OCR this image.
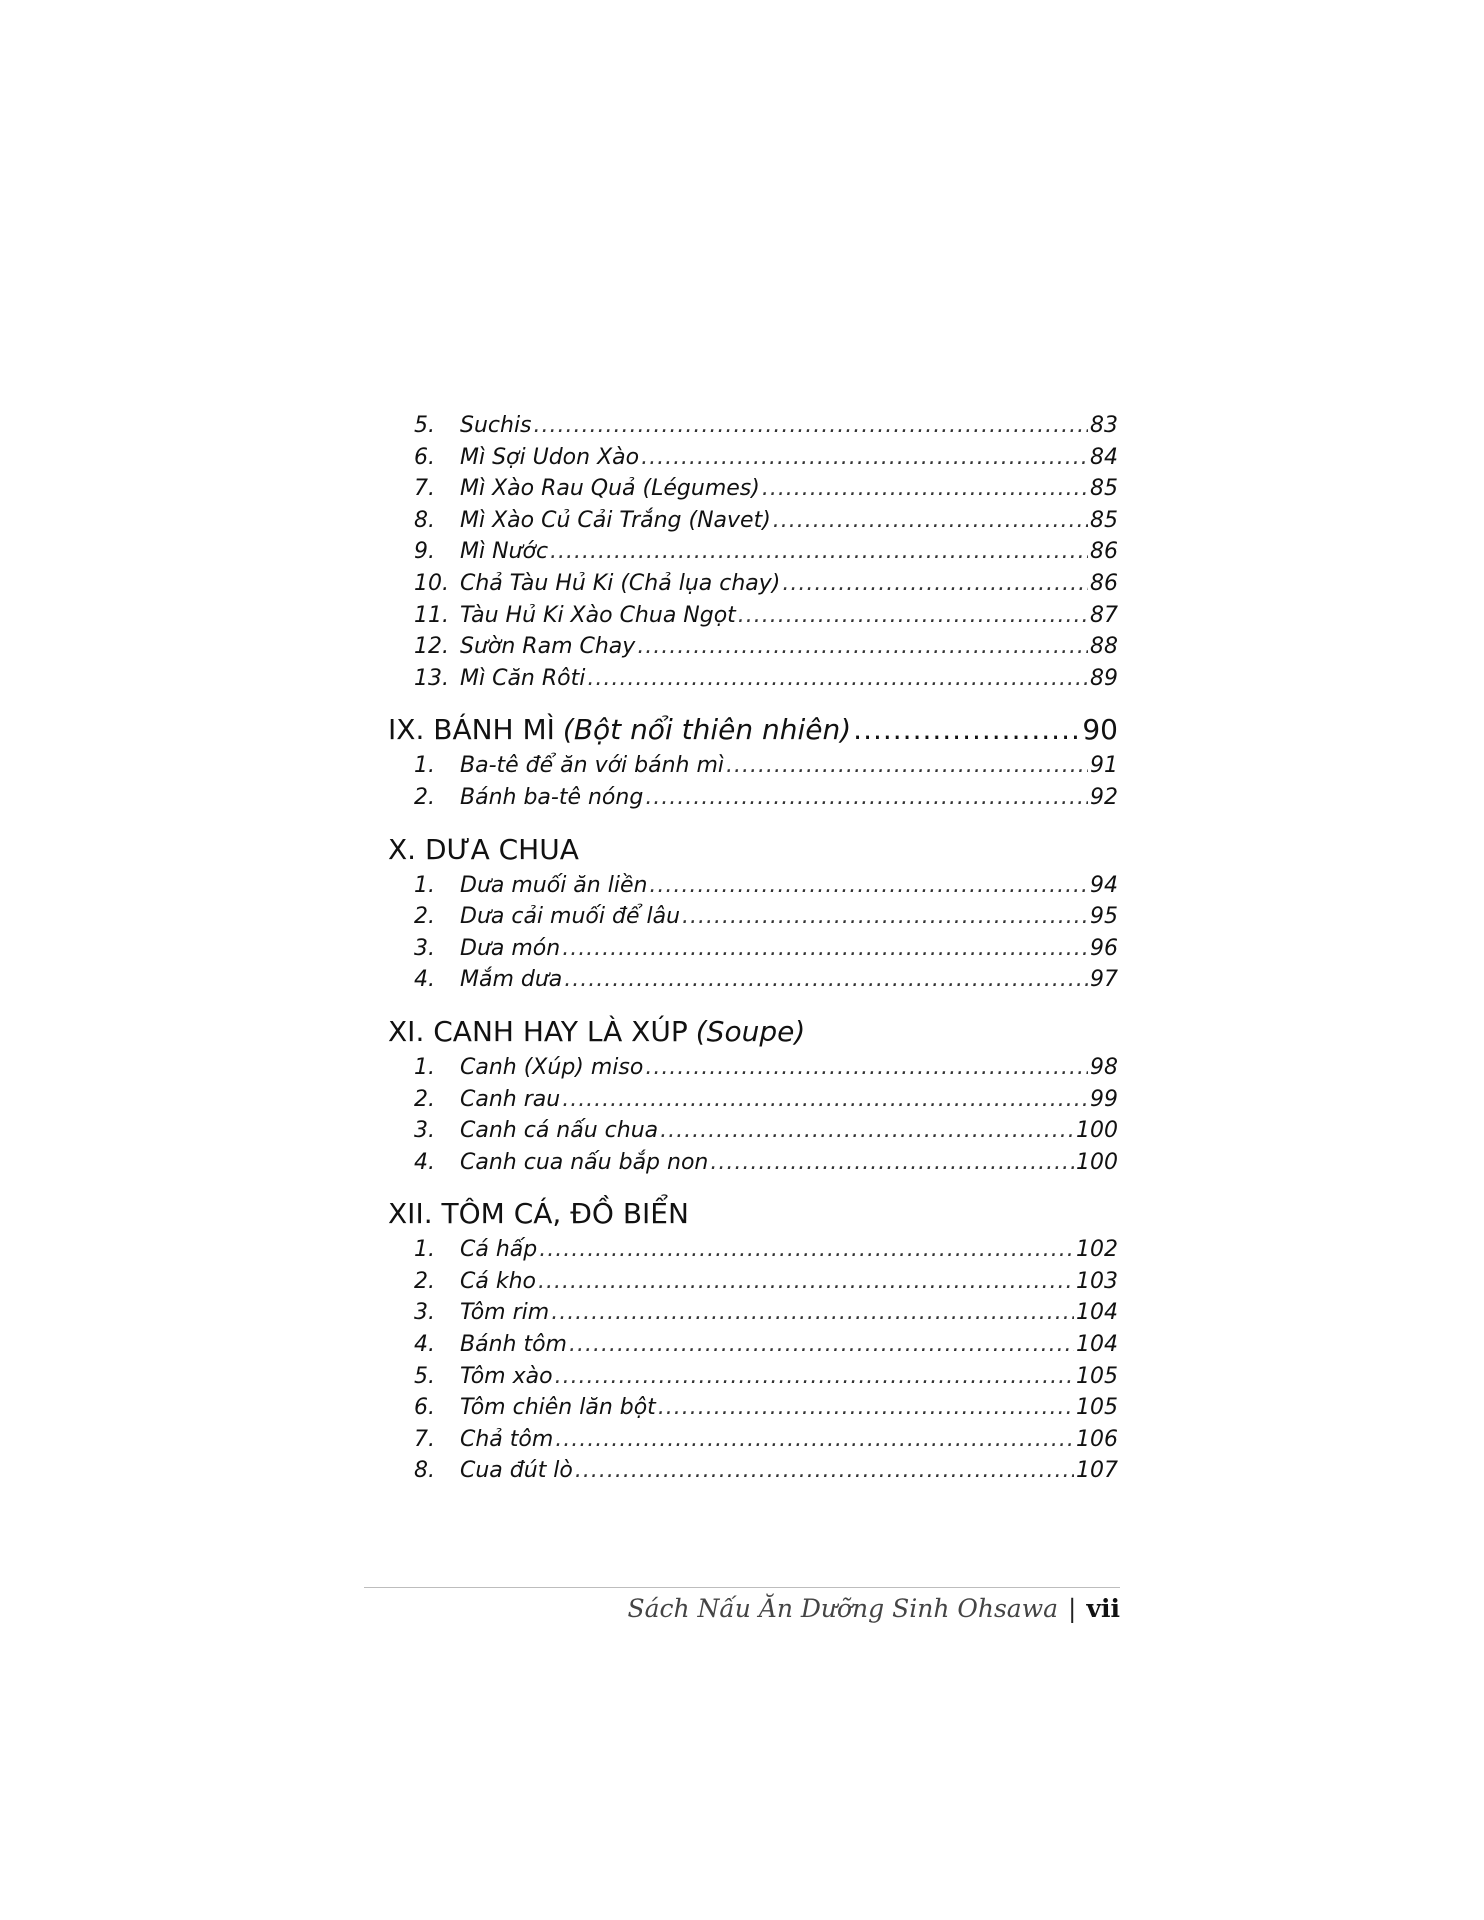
5. Suchis .....	83
6. Mì Sợi Udon Xào .....	84
7. Mì Xào Rau Quả (Légumes) .....	85
8. Mì Xào Củ Cải Trắng (Navet) .....	85
9. Mì Nước .....	86
10. Chả Tàu Hủ Ki (Chả lụa chay) .....	86
11. Tàu Hủ Ki Xào Chua Ngọt .....	87
12. Sườn Ram Chay .....	88
13. Mì Căn Rôti .....	89
IX. BÁNH MÌ (Bột nổi thiên nhiên) .....	90
1. Ba-tê để ăn với bánh mì .....	91
2. Bánh ba-tê nóng .....	92
X. DƯA CHUA
1. Dưa muối ăn liền .....	94
2. Dưa cải muối để lâu .....	95
3. Dưa món .....	96
4. Mắm dưa .....	97
XI. CANH HAY LÀ XÚP (Soupe)
1. Canh (Xúp) miso .....	98
2. Canh rau .....	99
3. Canh cá nấu chua .....	100
4. Canh cua nấu bắp non .....	100
XII. TÔM CÁ, ĐỒ BIỂN
1. Cá hấp .....	102
2. Cá kho .....	103
3. Tôm rim .....	104
4. Bánh tôm .....	104
5. Tôm xào .....	105
6. Tôm chiên lăn bột .....	105
7. Chả tôm .....	106
8. Cua đút lò .....	107
Sách Nấu Ăn Dưỡng Sinh Ohsawa | vii
